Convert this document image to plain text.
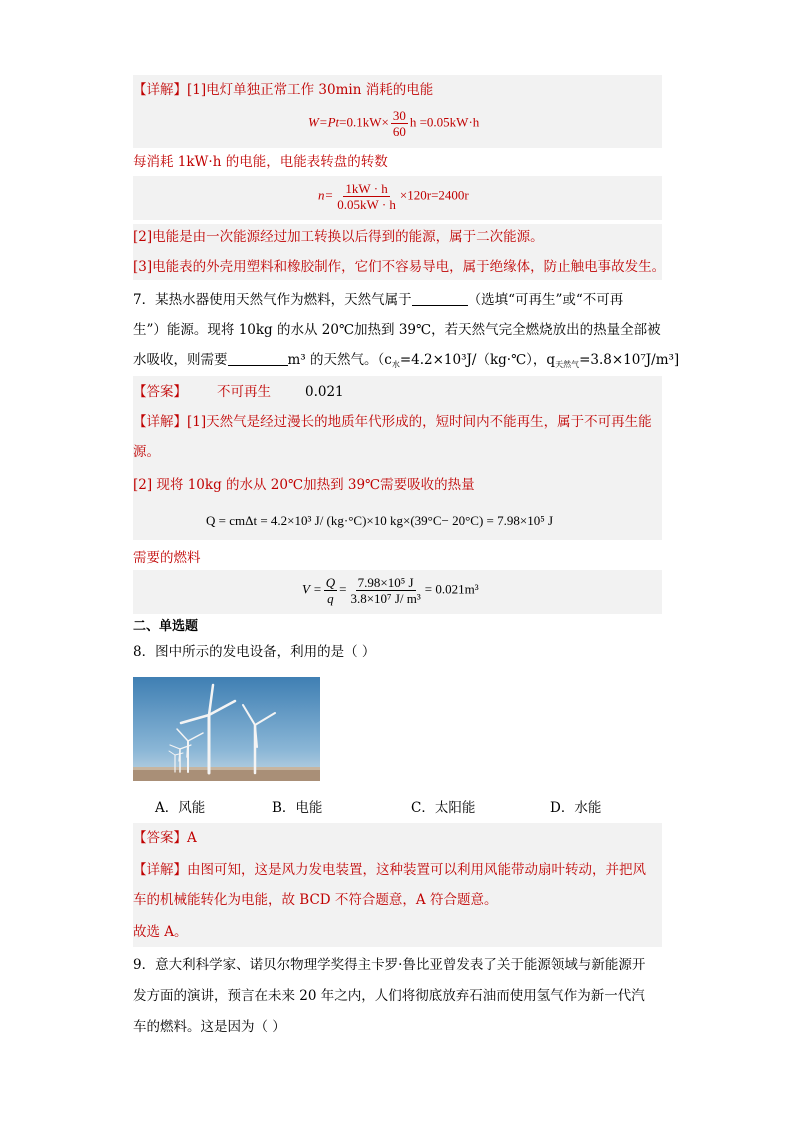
【详解】[1]电灯单独正常工作 30min 消耗的电能
$W=Pt=0.1kW\times \frac{30}{60}$ h =0.05kW·h
每消耗 1kW·h 的电能，电能表转盘的转数
$n= \frac{1kW \cdot h}{0.05kW \cdot h} \times 120r=2400r$
[2]电能是由一次能源经过加工转换以后得到的能源，属于二次能源。
[3]电能表的外壳用塑料和橡胶制作，它们不容易导电，属于绝缘体，防止触电事故发生。
7．某热水器使用天然气作为燃料，天然气属于	（选填“可再生”或“不可再
生”）能源。现将 10kg 的水从 20℃加热到 39℃，若天然气完全燃烧放出的热量全部被
水吸收，则需要	m³ 的天然气。（$c_水=4.2\times 10^3J/(kg\cdot℃)$，$q_{天然气}=3.8\times 10^7J/m^3$]
【答案】 不可再生	0.021
【详解】[1]天然气是经过漫长的地质年代形成的，短时间内不能再生，属于不可再生能
源。
[2] 现将 10kg 的水从 20℃加热到 39℃需要吸收的热量
Q = cmΔt = 4.2×10³ J/ (kg·°C)×10 kg×(39°C− 20°C) = 7.98×10⁵ J
需要的燃料
$V = \frac{Q}{q} = \frac{\text{7.98×10⁵ J}}{\text{3.8×10⁷ J/ m³}} = 0.021m^3$
二、单选题
8．图中所示的发电设备，利用的是（ ）
A．风能	B．电能	C．太阳能	D．水能
【答案】A
【详解】由图可知，这是风力发电装置，这种装置可以利用风能带动扇叶转动，并把风
车的机械能转化为电能，故 BCD 不符合题意，A 符合题意。
故选 A。
9．意大利科学家、诺贝尔物理学奖得主卡罗·鲁比亚曾发表了关于能源领域与新能源开
发方面的演讲，预言在未来 20 年之内，人们将彻底放弃石油而使用氢气作为新一代汽
车的燃料。这是因为（ ）
